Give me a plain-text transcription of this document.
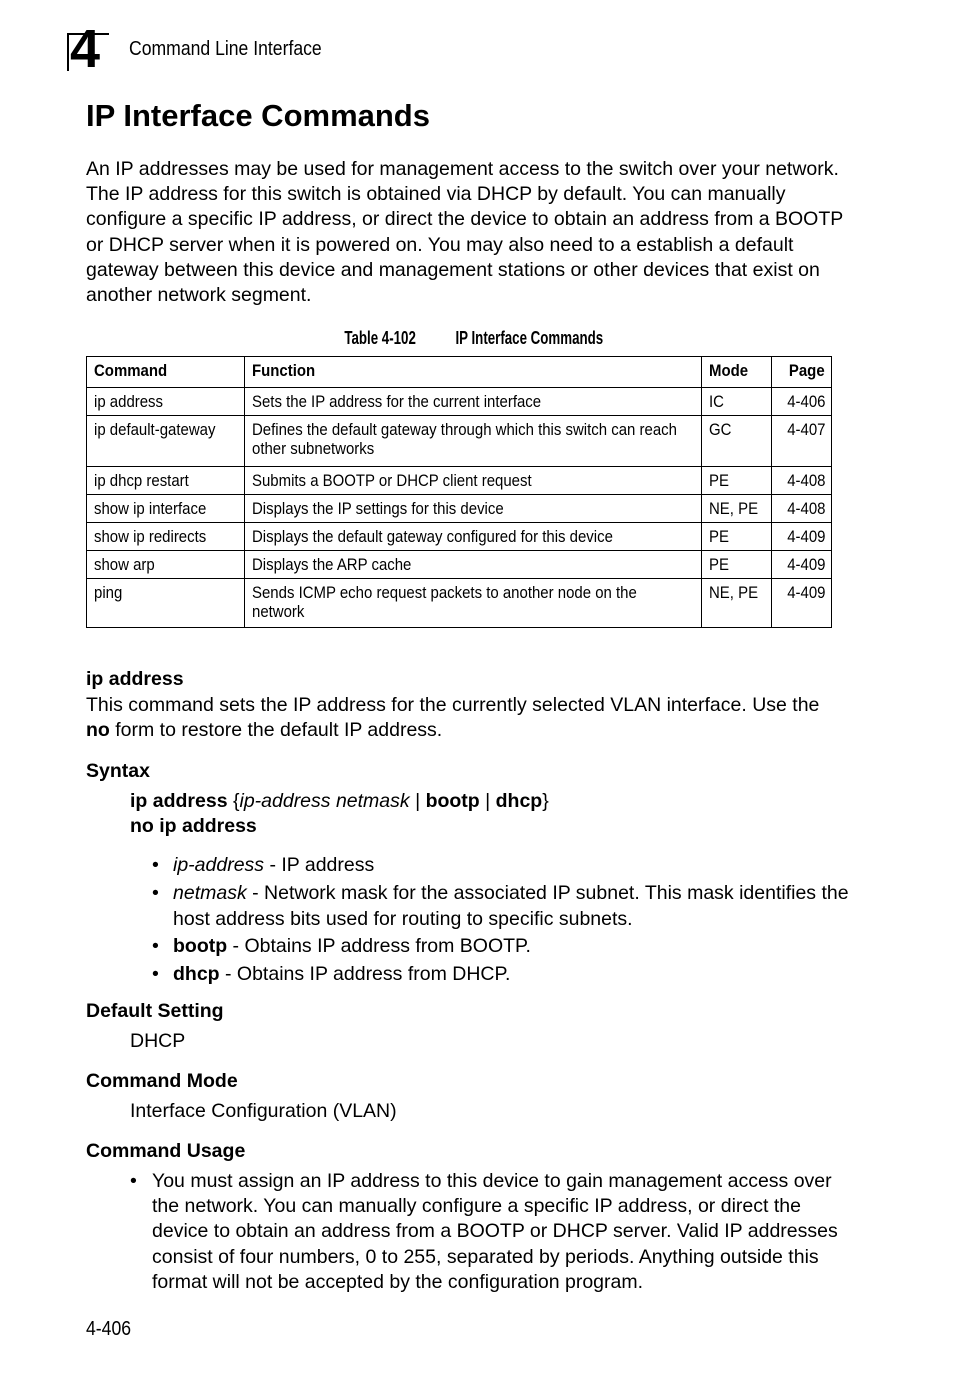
4 Command Line Interface
IP Interface Commands

An IP addresses may be used for management access to the switch over your network. The IP address for this switch is obtained via DHCP by default. You can manually configure a specific IP address, or direct the device to obtain an address from a BOOTP or DHCP server when it is powered on. You may also need to a establish a default gateway between this device and management stations or other devices that exist on another network segment.

Table 4-102 IP Interface Commands
Command	Function	Mode	Page
ip address	Sets the IP address for the current interface	IC	4-406
ip default-gateway	Defines the default gateway through which this switch can reach other subnetworks	GC	4-407
ip dhcp restart	Submits a BOOTP or DHCP client request	PE	4-408
show ip interface	Displays the IP settings for this device	NE, PE	4-408
show ip redirects	Displays the default gateway configured for this device	PE	4-409
show arp	Displays the ARP cache	PE	4-409
ping	Sends ICMP echo request packets to another node on the network	NE, PE	4-409
ip address

This command sets the IP address for the currently selected VLAN interface. Use the no form to restore the default IP address.

Syntax
ip address {ip-address netmask | bootp | dhcp}
no ip address
• ip-address - IP address
• netmask - Network mask for the associated IP subnet. This mask identifies the host address bits used for routing to specific subnets.
• bootp - Obtains IP address from BOOTP.
• dhcp - Obtains IP address from DHCP.
Default Setting
DHCP
Command Mode
Interface Configuration (VLAN)
Command Usage
• You must assign an IP address to this device to gain management access over the network. You can manually configure a specific IP address, or direct the device to obtain an address from a BOOTP or DHCP server. Valid IP addresses consist of four numbers, 0 to 255, separated by periods. Anything outside this format will not be accepted by the configuration program.
4-406
